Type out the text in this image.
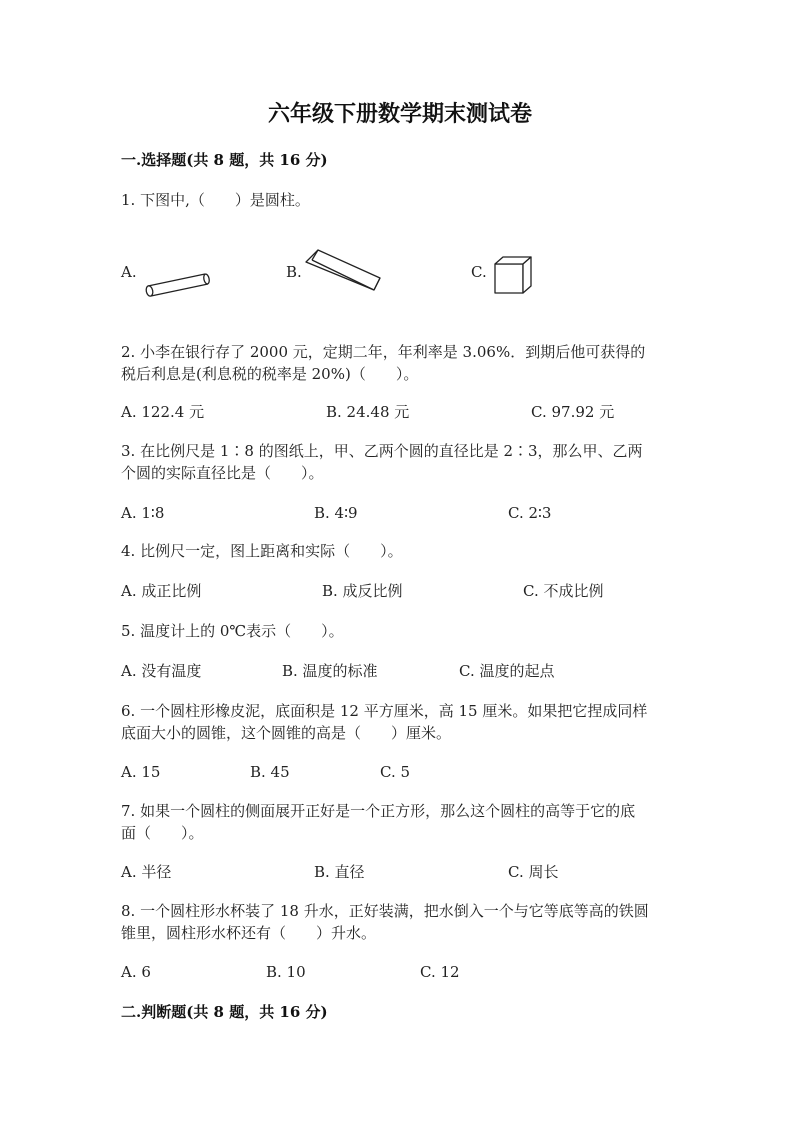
六年级下册数学期末测试卷
一.选择题(共 8 题，共 16 分)
1. 下图中,（　　）是圆柱。
A.	B.	C.
2. 小李在银行存了 2000 元，定期二年，年利率是 3.06%．到期后他可获得的
税后利息是(利息税的税率是 20%)（　　）。
A. 122.4 元	B. 24.48 元	C. 97.92 元
3. 在比例尺是 1∶8 的图纸上，甲、乙两个圆的直径比是 2∶3，那么甲、乙两
个圆的实际直径比是（　　）。
A. 1∶8	B. 4∶9	C. 2∶3
4. 比例尺一定，图上距离和实际（　　）。
A. 成正比例	B. 成反比例	C. 不成比例
5. 温度计上的 0℃表示（　　）。
A. 没有温度	B. 温度的标准	C. 温度的起点
6. 一个圆柱形橡皮泥，底面积是 12 平方厘米，高 15 厘米。如果把它捏成同样
底面大小的圆锥，这个圆锥的高是（　　）厘米。
A. 15	B. 45	C. 5
7. 如果一个圆柱的侧面展开正好是一个正方形，那么这个圆柱的高等于它的底
面（　　）。
A. 半径	B. 直径	C. 周长
8. 一个圆柱形水杯装了 18 升水，正好装满，把水倒入一个与它等底等高的铁圆
锥里，圆柱形水杯还有（　　）升水。
A. 6	B. 10	C. 12
二.判断题(共 8 题，共 16 分)
